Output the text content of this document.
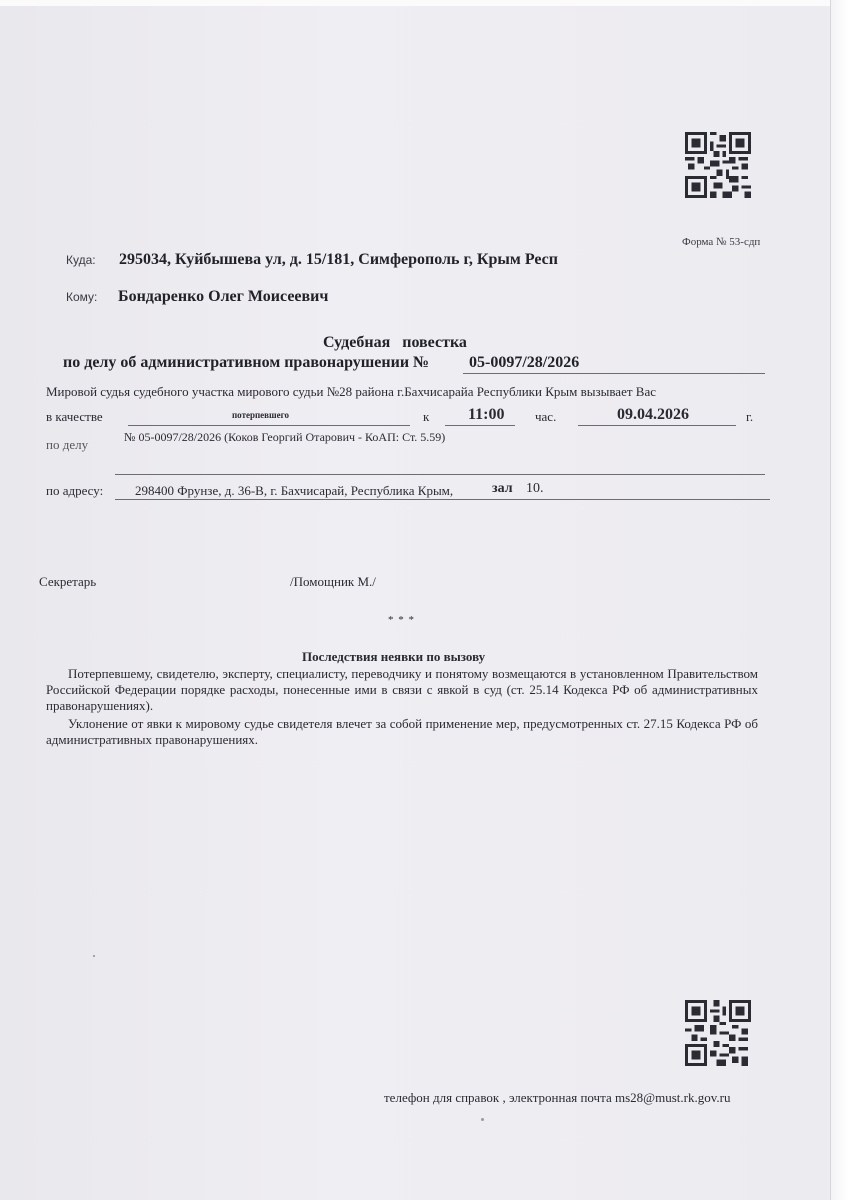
Форма № 53-сдп
Куда: 295034, Куйбышева ул, д. 15/181, Симферополь г, Крым Респ
Кому: Бондаренко Олег Моисеевич
Судебная   повестка
по делу об административном правонарушении № 05-0097/28/2026
Мировой судья судебного участка мирового судьи №28 района г.Бахчисарайа Республики Крым вызывает Вас
в качестве	потерпевшего	к 11:00 час.	09.04.2026	г.
по делу	№ 05-0097/28/2026 (Коков Георгий Отарович - КоАП: Ст. 5.59)
по адресу: 298400 Фрунзе, д. 36-В, г. Бахчисарай, Республика Крым,	зал 10.
Секретарь	/Помощник М./
* * *
Последствия неявки по вызову
Потерпевшему, свидетелю, эксперту, специалисту, переводчику и понятому возмещаются в установленном Правительством Российской Федерации порядке расходы, понесенные ими в связи с явкой в суд (ст. 25.14 Кодекса РФ об административных правонарушениях).
Уклонение от явки к мировому судье свидетеля влечет за собой применение мер, предусмотренных ст. 27.15 Кодекса РФ об административных правонарушениях.
телефон для справок , электронная почта ms28@must.rk.gov.ru
